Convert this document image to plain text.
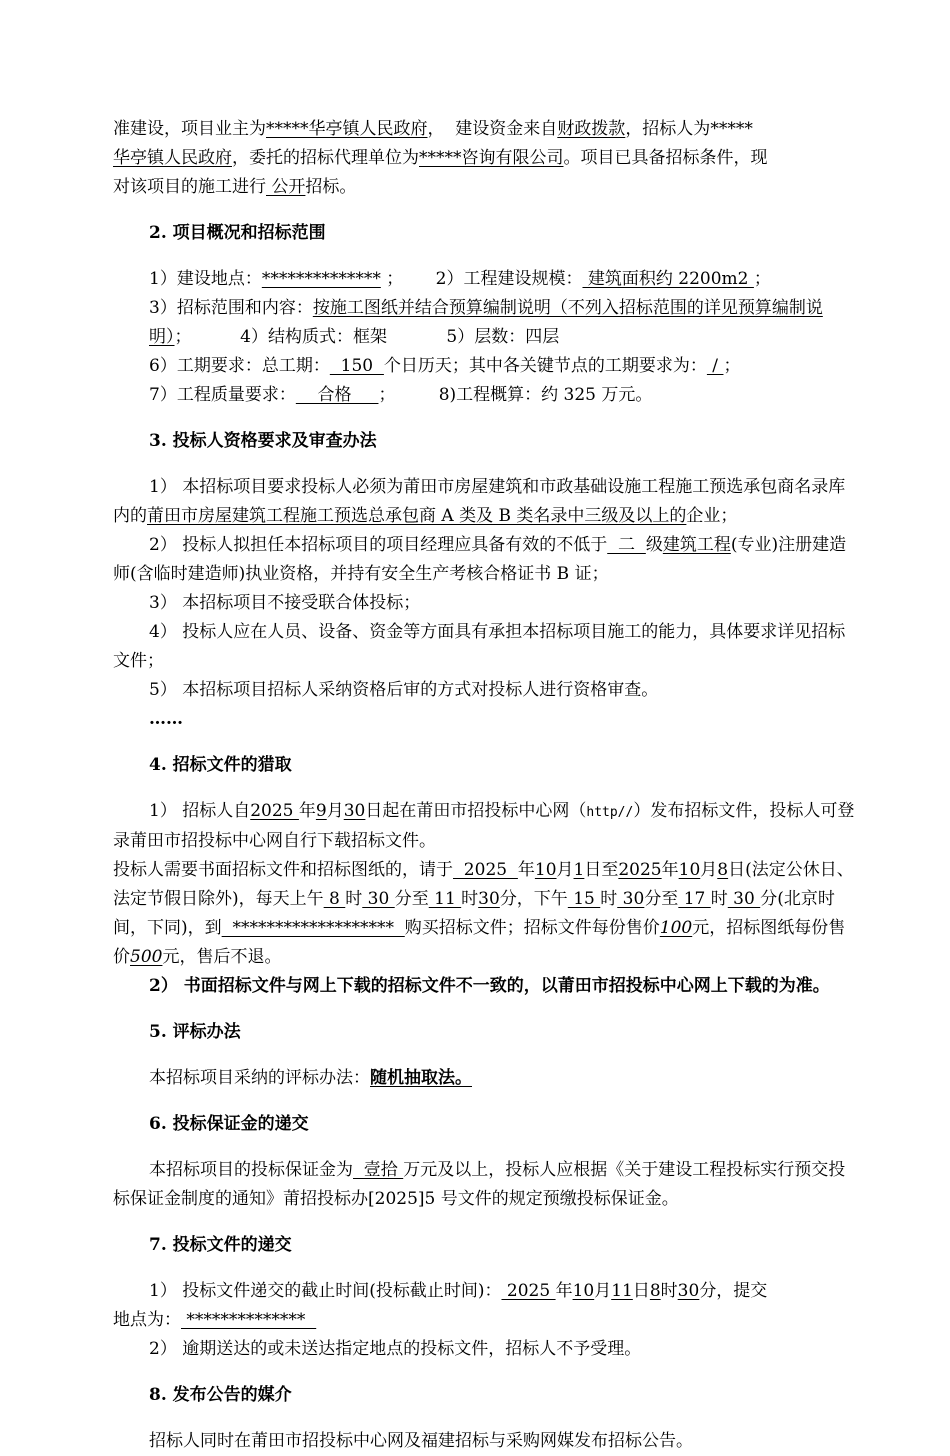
准建设，项目业主为*****华亭镇人民政府，  建设资金来自财政拨款，招标人为*****

华亭镇人民政府，委托的招标代理单位为*****咨询有限公司。项目已具备招标条件，现

对该项目的施工进行 公开招标。

2. 项目概况和招标范围

1）建设地点：************** ；      2）工程建设规模： 建筑面积约 2200m2 ；

3）招标范围和内容：按施工图纸并结合预算编制说明（不列入招标范围的详见预算编制说明）；         4）结构质式：框架           5）层数：四层

6）工期要求：总工期：  150  个日历天；其中各关键节点的工期要求为： / ；

7）工程质量要求：    合格     ；        8)工程概算：约 325 万元。

3. 投标人资格要求及审查办法

1） 本招标项目要求投标人必须为莆田市房屋建筑和市政基础设施工程施工预选承包商名录库内的莆田市房屋建筑工程施工预选总承包商 A 类及 B 类名录中三级及以上的企业；

2） 投标人拟担任本招标项目的项目经理应具备有效的不低于  二  级建筑工程(专业)注册建造师(含临时建造师)执业资格，并持有安全生产考核合格证书 B 证；

3） 本招标项目不接受联合体投标；

4） 投标人应在人员、设备、资金等方面具有承担本招标项目施工的能力，具体要求详见招标文件；

5） 本招标项目招标人采纳资格后审的方式对投标人进行资格审查。

……

4. 招标文件的猎取

1） 招标人自2025 年9月30日起在莆田市招投标中心网（http//）发布招标文件，投标人可登录莆田市招投标中心网自行下载招标文件。

投标人需要书面招标文件和招标图纸的，请于  2025  年10月1日至2025年10月8日(法定公休日、法定节假日除外)，每天上午 8 时 30 分至 11 时30分，下午 15 时 30分至 17 时 30 分(北京时间，下同)，到  *******************  购买招标文件；招标文件每份售价100元，招标图纸每份售价500元，售后不退。

2） 书面招标文件与网上下载的招标文件不一致的，以莆田市招投标中心网上下载的为准。

5. 评标办法

本招标项目采纳的评标办法：随机抽取法。

6. 投标保证金的递交

本招标项目的投标保证金为  壹拾 万元及以上，投标人应根据《关于建设工程投标实行预交投标保证金制度的通知》莆招投标办[2025]5 号文件的规定预缴投标保证金。

7. 投标文件的递交

1） 投标文件递交的截止时间(投标截止时间)： 2025 年10月11日8时30分，提交

地点为： **************

2） 逾期送达的或未送达指定地点的投标文件，招标人不予受理。

8. 发布公告的媒介

招标人同时在莆田市招投标中心网及福建招标与采购网媒发布招标公告。
